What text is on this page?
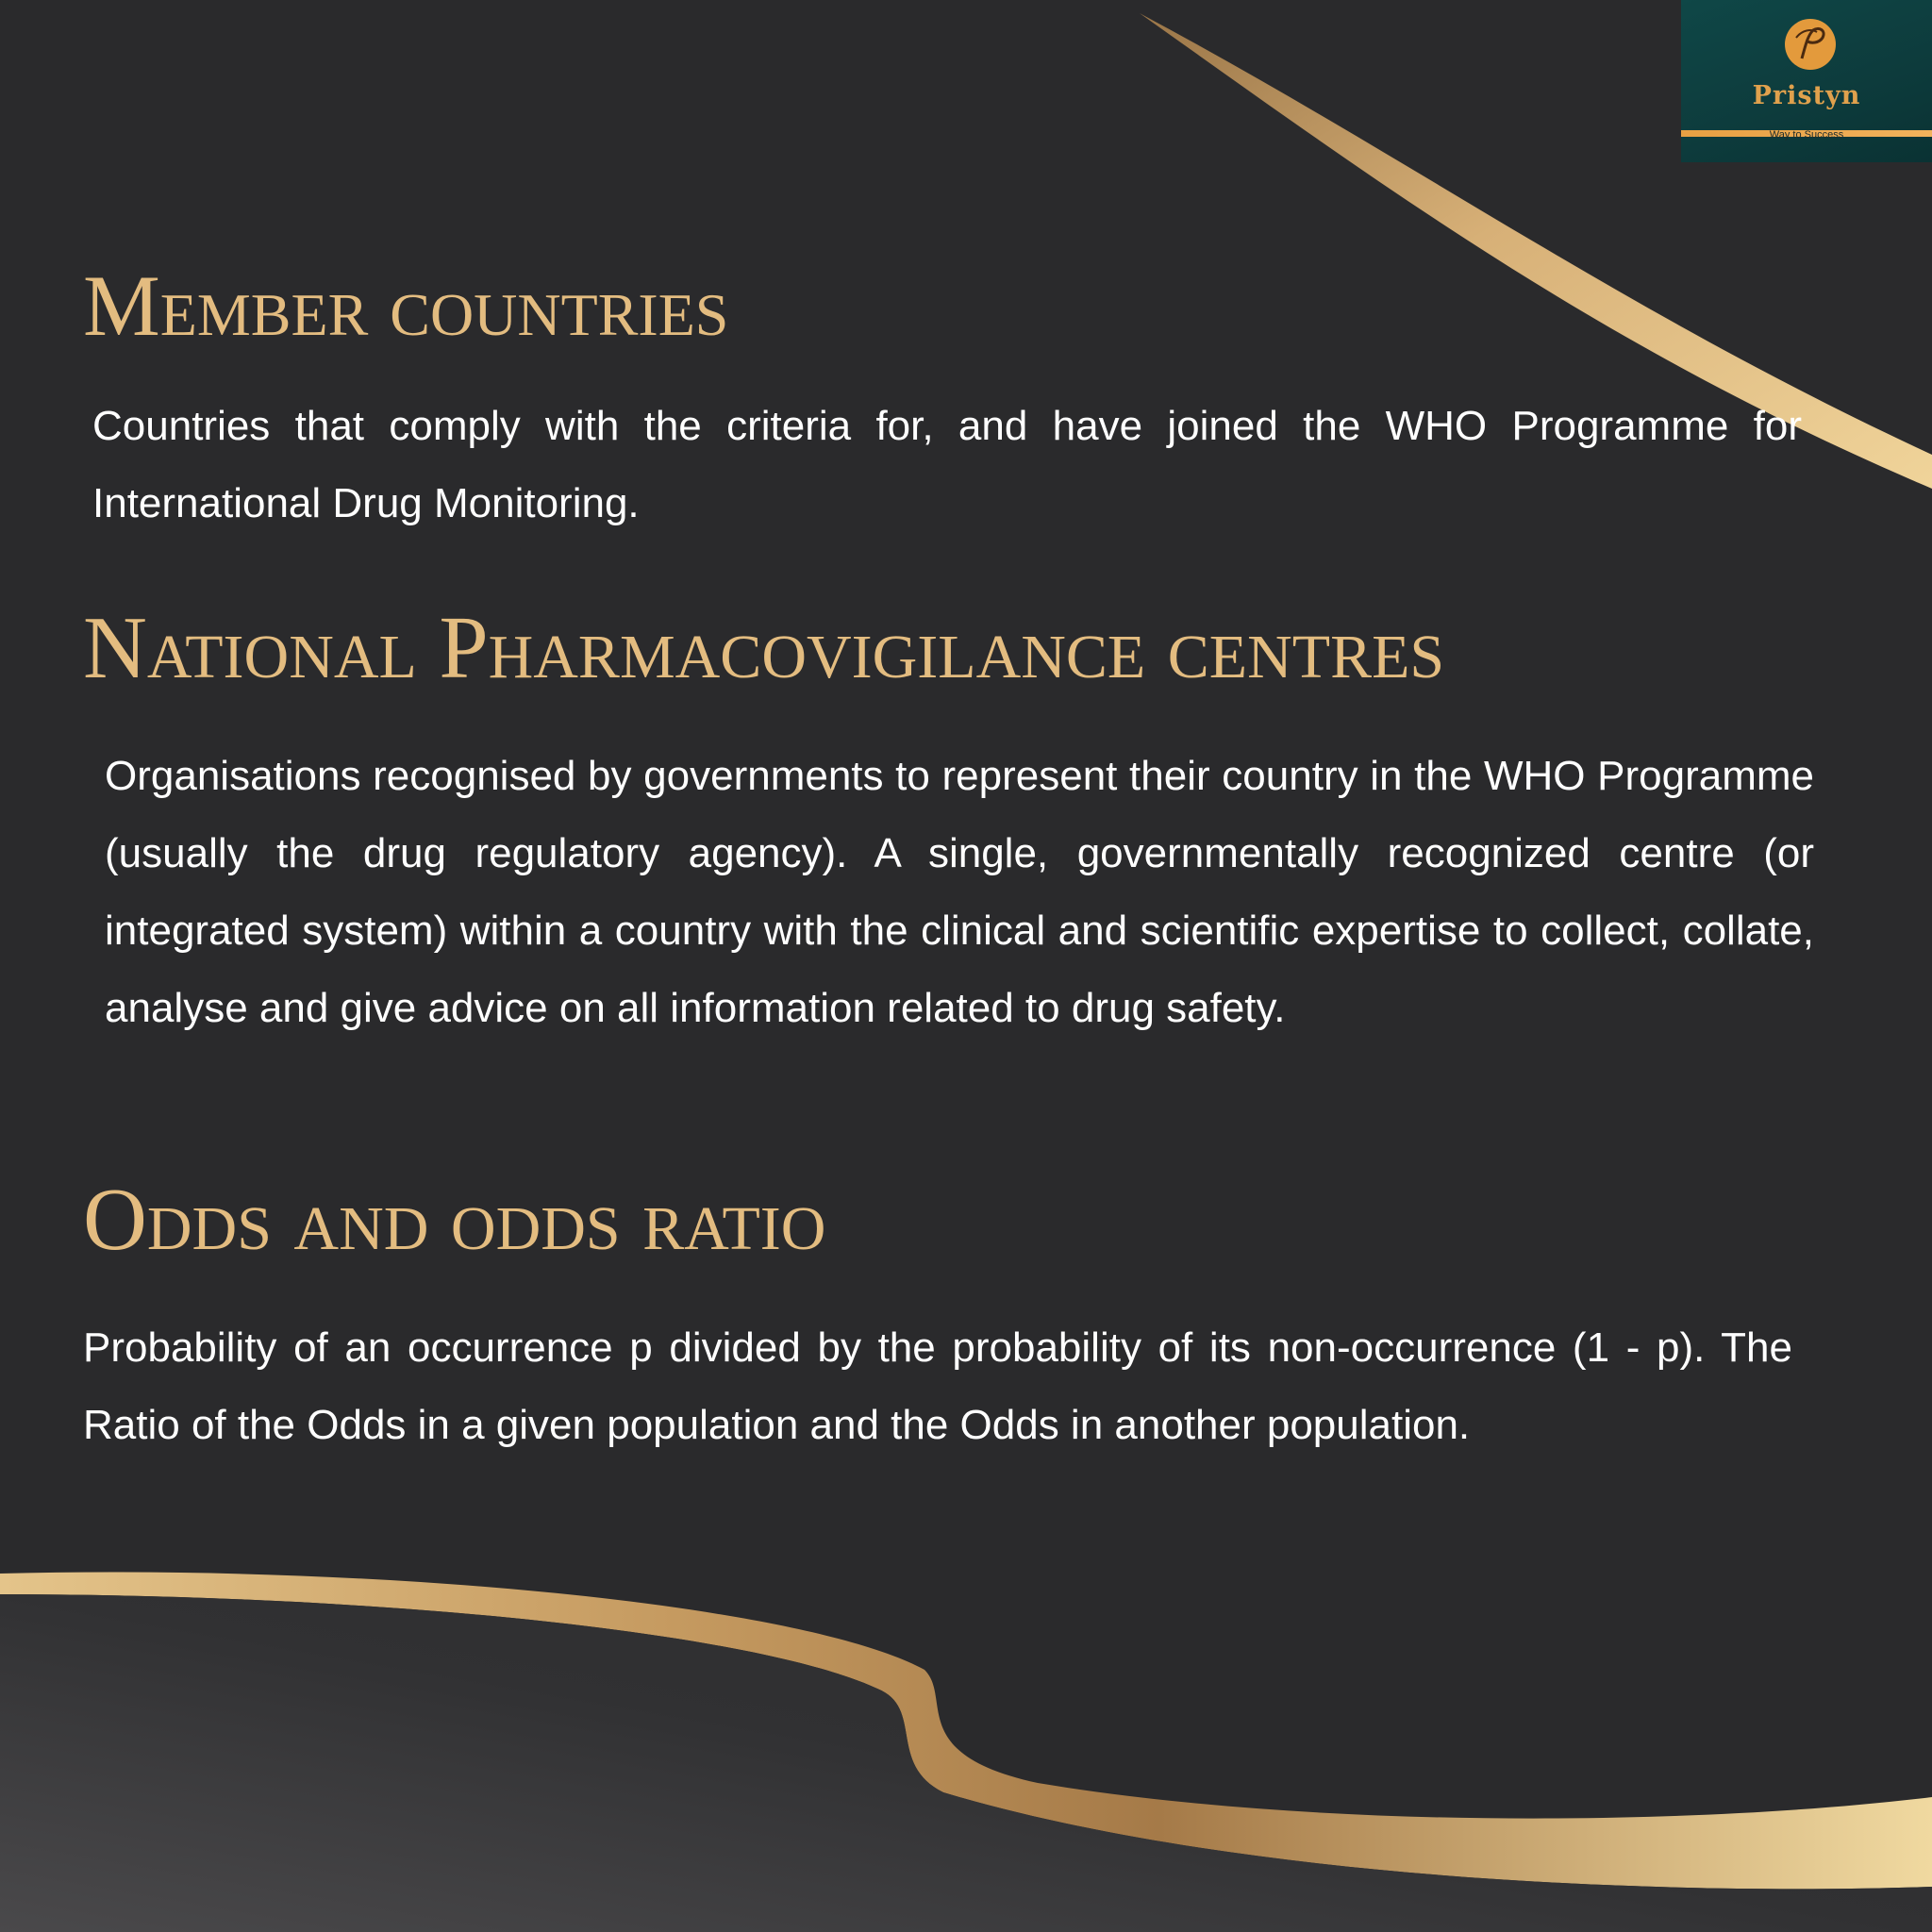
Pristyn
Way to Success
Member countries

Countries that comply with the criteria for, and have joined the WHO Programme for International Drug Monitoring.

National Pharmacovigilance centres

Organisations recognised by governments to represent their country in the WHO Programme (usually the drug regulatory agency). A single, governmentally recognized centre (or integrated system) within a country with the clinical and scientific expertise to collect, collate, analyse and give advice on all information related to drug safety.

Odds and odds ratio

Probability of an occurrence p divided by the probability of its non-occurrence (1 - p). The Ratio of the Odds in a given population and the Odds in another population.
